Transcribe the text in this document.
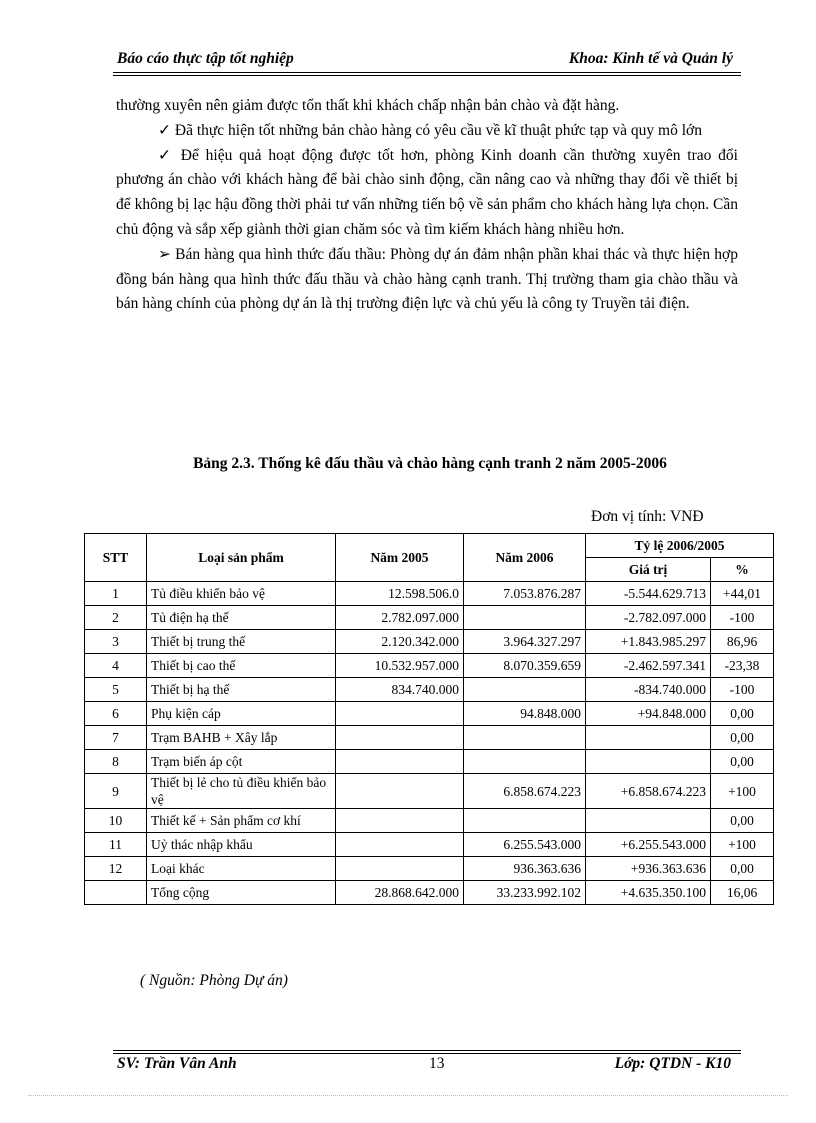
Báo cáo thực tập tốt nghiệp	Khoa: Kinh tế và Quản lý

thường xuyên nên giảm được tổn thất khi khách chấp nhận bản chào và đặt hàng.

✓ Đã thực hiện tốt những bản chào hàng có yêu cầu về kĩ thuật phức tạp và quy mô lớn

✓ Để hiệu quả hoạt động được tốt hơn, phòng Kinh doanh cần thường xuyên trao đổi phương án chào với khách hàng để bài chào sinh động, cần nâng cao và những thay đổi về thiết bị để không bị lạc hậu đồng thời phải tư vấn những tiến bộ về sản phẩm cho khách hàng lựa chọn. Cần chủ động và sắp xếp giành thời gian chăm sóc và tìm kiếm khách hàng nhiều hơn.

➢ Bán hàng qua hình thức đấu thầu: Phòng dự án đảm nhận phần khai thác và thực hiện hợp đồng bán hàng qua hình thức đấu thầu và chào hàng cạnh tranh. Thị trường tham gia chào thầu và bán hàng chính của phòng dự án là thị trường điện lực và chủ yếu là công ty Truyền tải điện.

Bảng 2.3. Thống kê đấu thầu và chào hàng cạnh tranh 2 năm 2005-2006
Đơn vị tính: VNĐ
STT	Loại sản phẩm	Năm 2005	Năm 2006	Tỷ lệ 2006/2005	
				Giá trị	%
1	Tủ điều khiển bảo vệ	12.598.506.0	7.053.876.287	-5.544.629.713	+44,01
2	Tủ điện hạ thế	2.782.097.000		-2.782.097.000	-100
3	Thiết bị trung thế	2.120.342.000	3.964.327.297	+1.843.985.297	86,96
4	Thiết bị cao thế	10.532.957.000	8.070.359.659	-2.462.597.341	-23,38
5	Thiết bị hạ thế	834.740.000		-834.740.000	-100
6	Phụ kiện cáp		94.848.000	+94.848.000	0,00
7	Trạm BAHB + Xây lắp				0,00
8	Trạm biến áp cột				0,00
9	Thiết bị lẻ cho tủ điều khiển bảo vệ		6.858.674.223	+6.858.674.223	+100
10	Thiết kế + Sản phẩm cơ khí				0,00
11	Uỷ thác nhập khẩu		6.255.543.000	+6.255.543.000	+100
12	Loại khác		936.363.636	+936.363.636	0,00
	Tổng cộng	28.868.642.000	33.233.992.102	+4.635.350.100	16,06
( Nguồn: Phòng Dự án)
SV: Trần Vân Anh	13	Lớp: QTDN - K10
